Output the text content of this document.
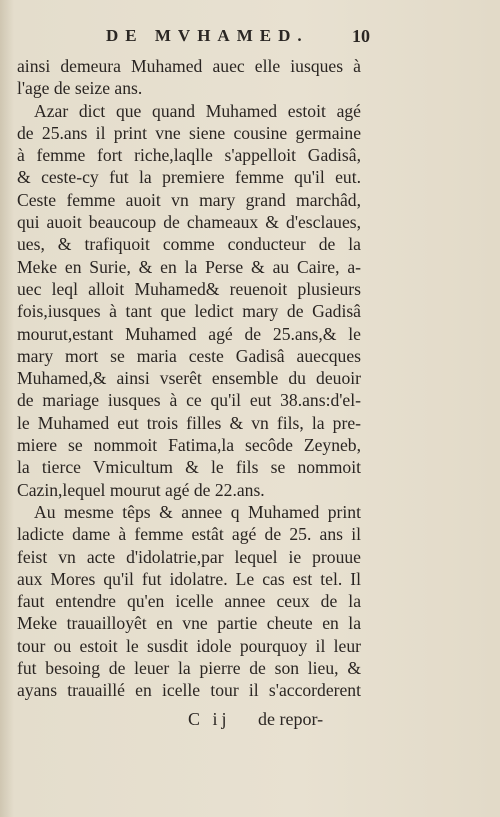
DE MVHAMED. 10
ainsi demeura Muhamed auec elle iusques à
l'age de seize ans.
Azar dict que quand Muhamed estoit agé
de 25.ans il print vne siene cousine germaine
à femme fort riche,laqlle s'appelloit Gadisâ,
& ceste-cy fut la premiere femme qu'il eut.
Ceste femme auoit vn mary grand marchâd,
qui auoit beaucoup de chameaux & d'esclaues,
ues, & trafiquoit comme conducteur de la
Meke en Surie, & en la Perse & au Caire, a-
uec leql alloit Muhamed& reuenoit plusieurs
fois,iusques à tant que ledict mary de Gadisâ
mourut,estant Muhamed agé de 25.ans,& le
mary mort se maria ceste Gadisâ auecques
Muhamed,& ainsi vserêt ensemble du deuoir
de mariage iusques à ce qu'il eut 38.ans:d'el-
le Muhamed eut trois filles & vn fils, la pre-
miere se nommoit Fatima,la secôde Zeyneb,
la tierce Vmicultum & le fils se nommoit
Cazin,lequel mourut agé de 22.ans.
Au mesme têps & annee q Muhamed print
ladicte dame à femme estât agé de 25. ans il
feist vn acte d'idolatrie,par lequel ie prouue
aux Mores qu'il fut idolatre. Le cas est tel. Il
faut entendre qu'en icelle annee ceux de la
Meke trauailloyêt en vne partie cheute en la
tour ou estoit le susdit idole pourquoy il leur
fut besoing de leuer la pierre de son lieu, &
ayans trauaillé en icelle tour il s'accorderent
C ij de repor-
